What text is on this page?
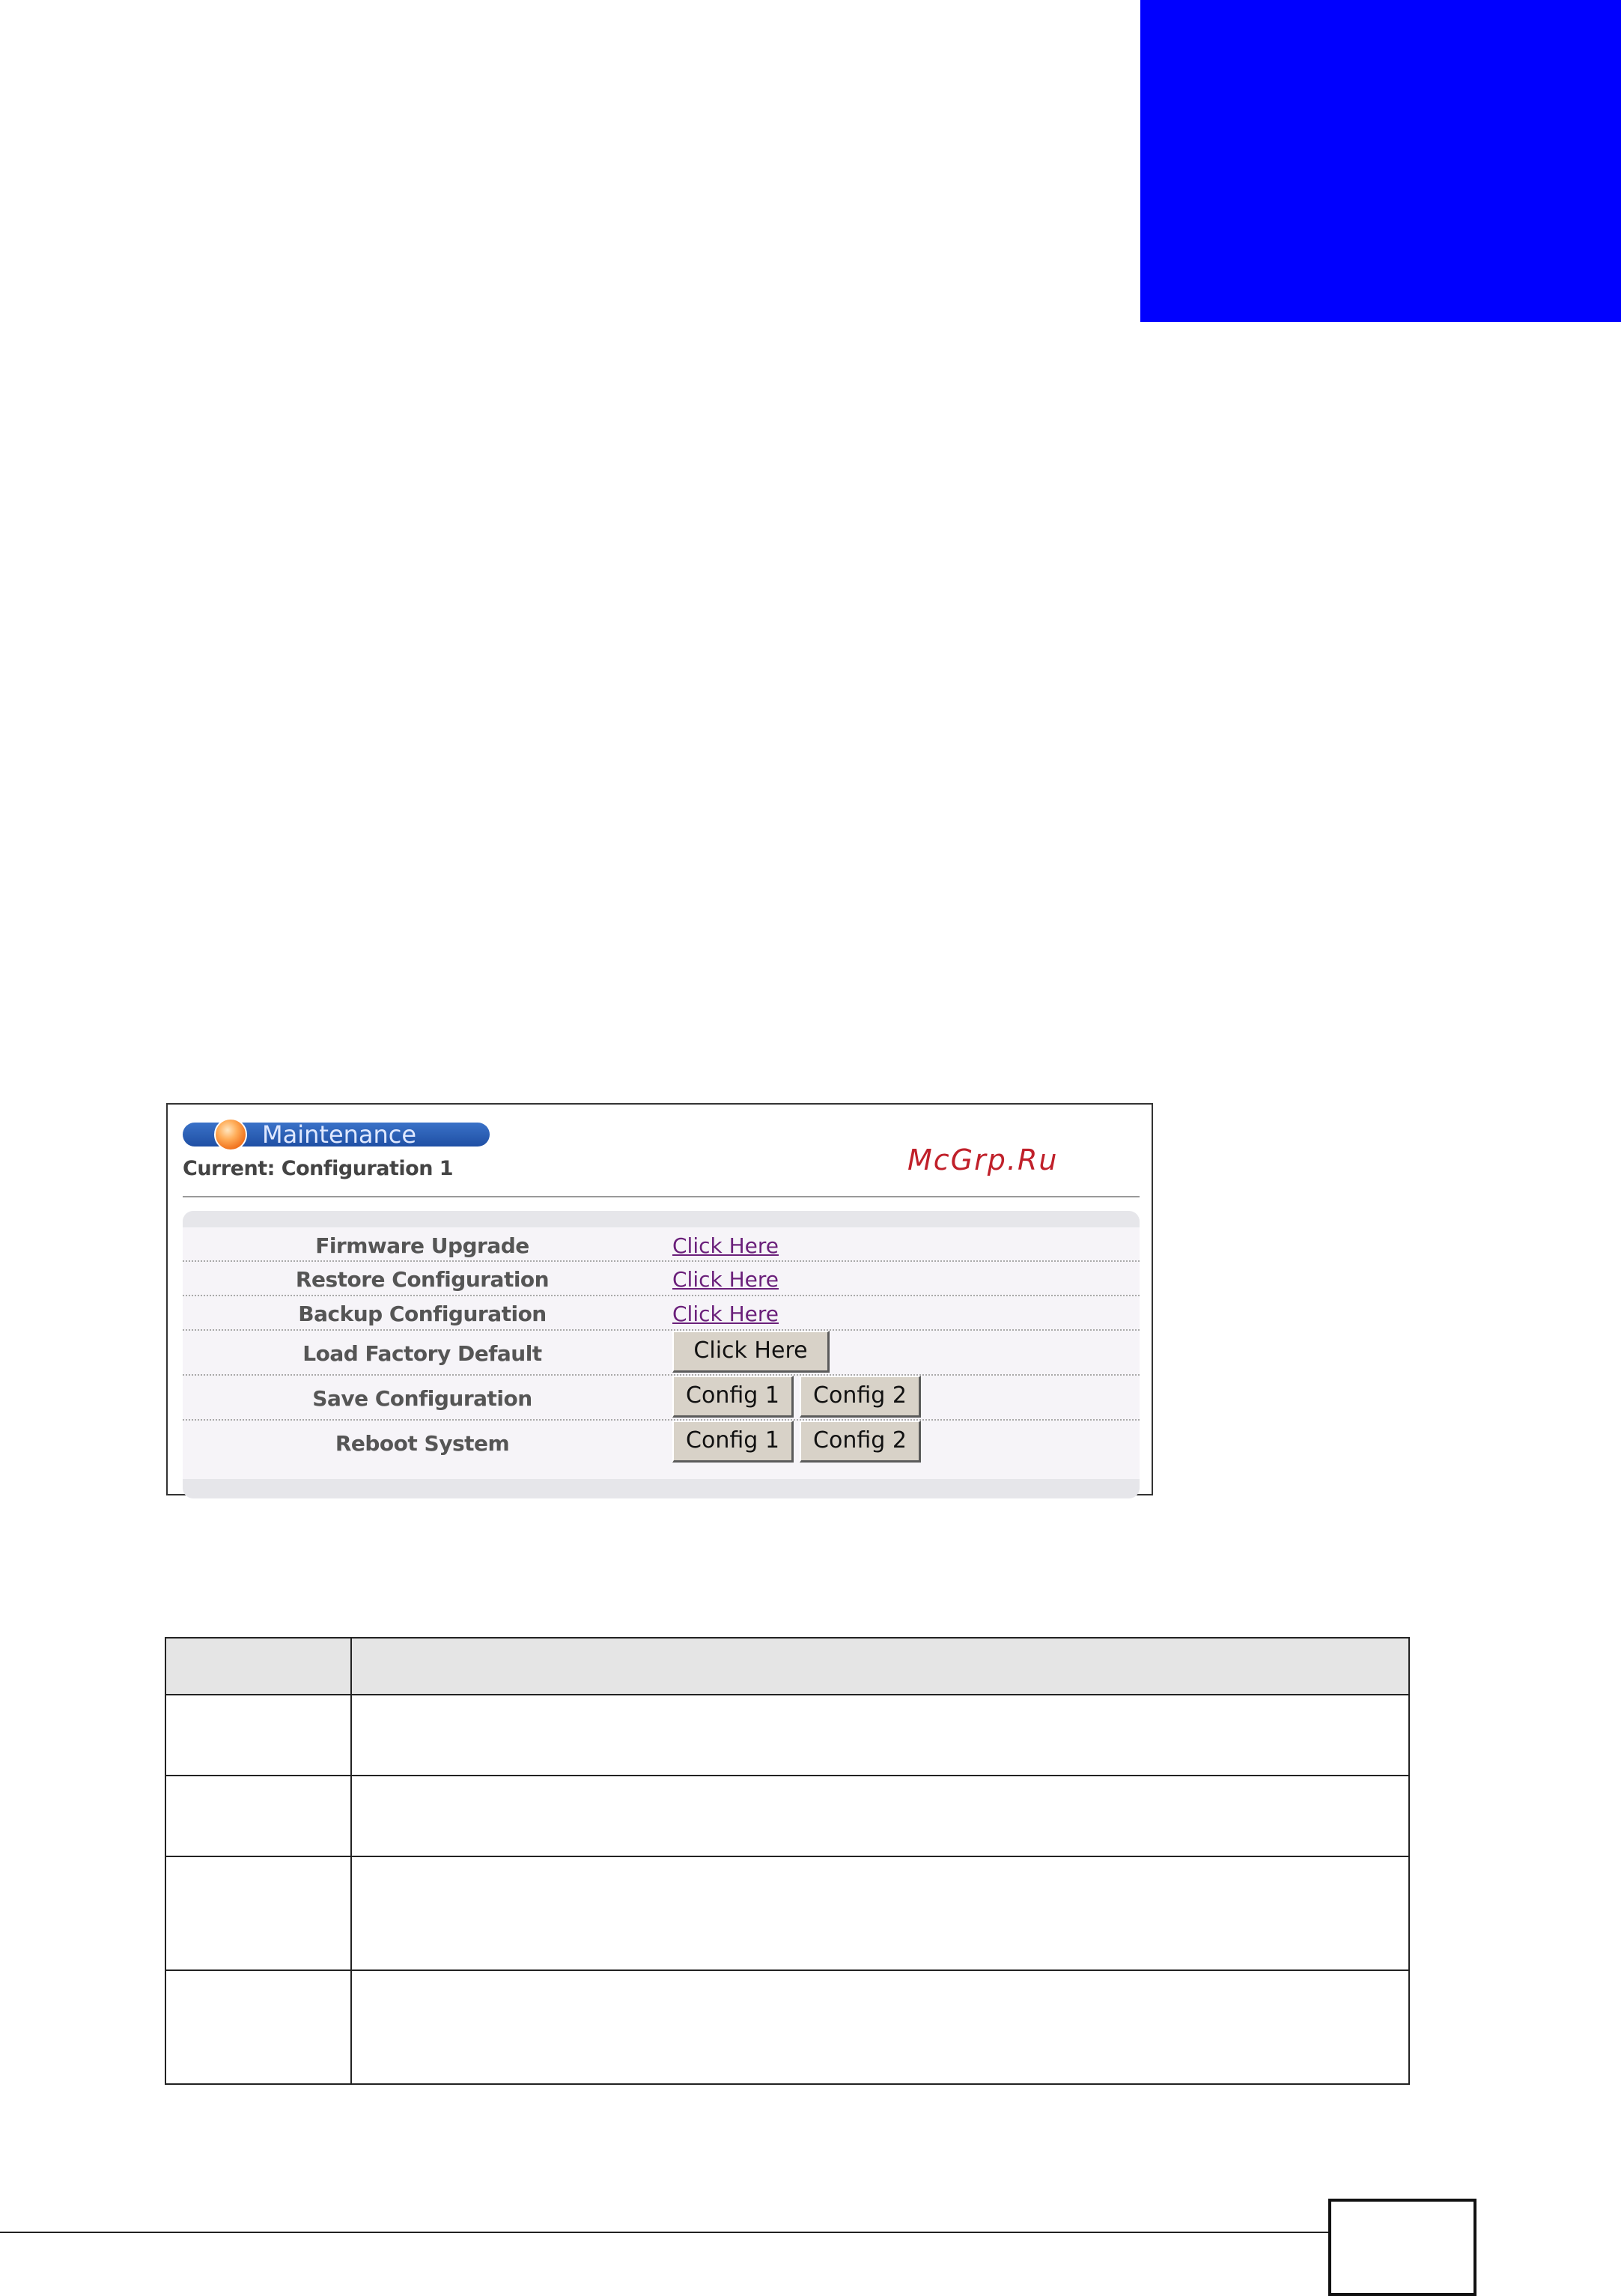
Maintenance
Current: Configuration 1	McGrp.Ru
Firmware Upgrade	Click Here
Restore Configuration	Click Here
Backup Configuration	Click Here
Load Factory Default	Click Here
Save Configuration	Config 1	Config 2
Reboot System	Config 1	Config 2
